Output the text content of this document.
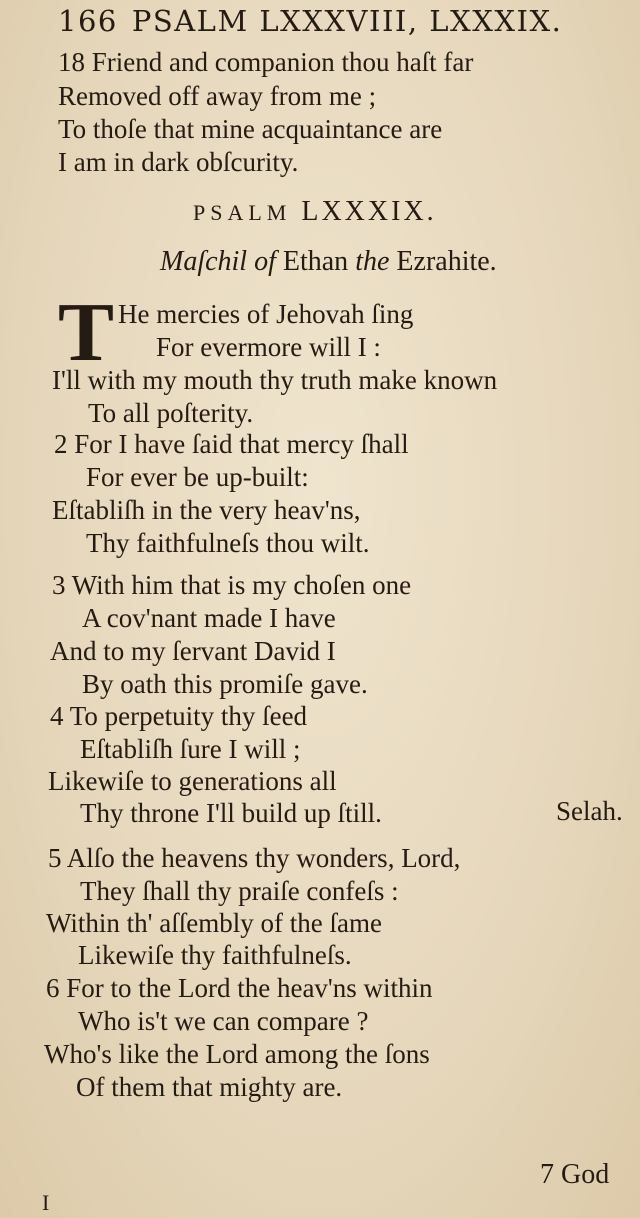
166 PSALM LXXXVIII, LXXXIX.
18 Friend and companion thou haſt far
Removed off away from me ;
To thoſe that mine acquaintance are
I am in dark obſcurity.
PSALM LXXXIX.
Maſchil of Ethan the Ezrahite.
T He mercies of Jehovah ſing
For evermore will I :
I'll with my mouth thy truth make known
To all poſterity.
2 For I have ſaid that mercy ſhall
For ever be up-built:
Eſtabliſh in the very heav'ns,
Thy faithfulneſs thou wilt.
3 With him that is my choſen one
A cov'nant made I have
And to my ſervant David I
By oath this promiſe gave.
4 To perpetuity thy ſeed
Eſtabliſh ſure I will ;
Likewiſe to generations all
Thy throne I'll build up ſtill.	Selah.
5 Alſo the heavens thy wonders, Lord,
They ſhall thy praiſe confeſs :
Within th' aſſembly of the ſame
Likewiſe thy faithfulneſs.
6 For to the Lord the heav'ns within
Who is't we can compare ?
Who's like the Lord among the ſons
Of them that mighty are.
7 God
I
